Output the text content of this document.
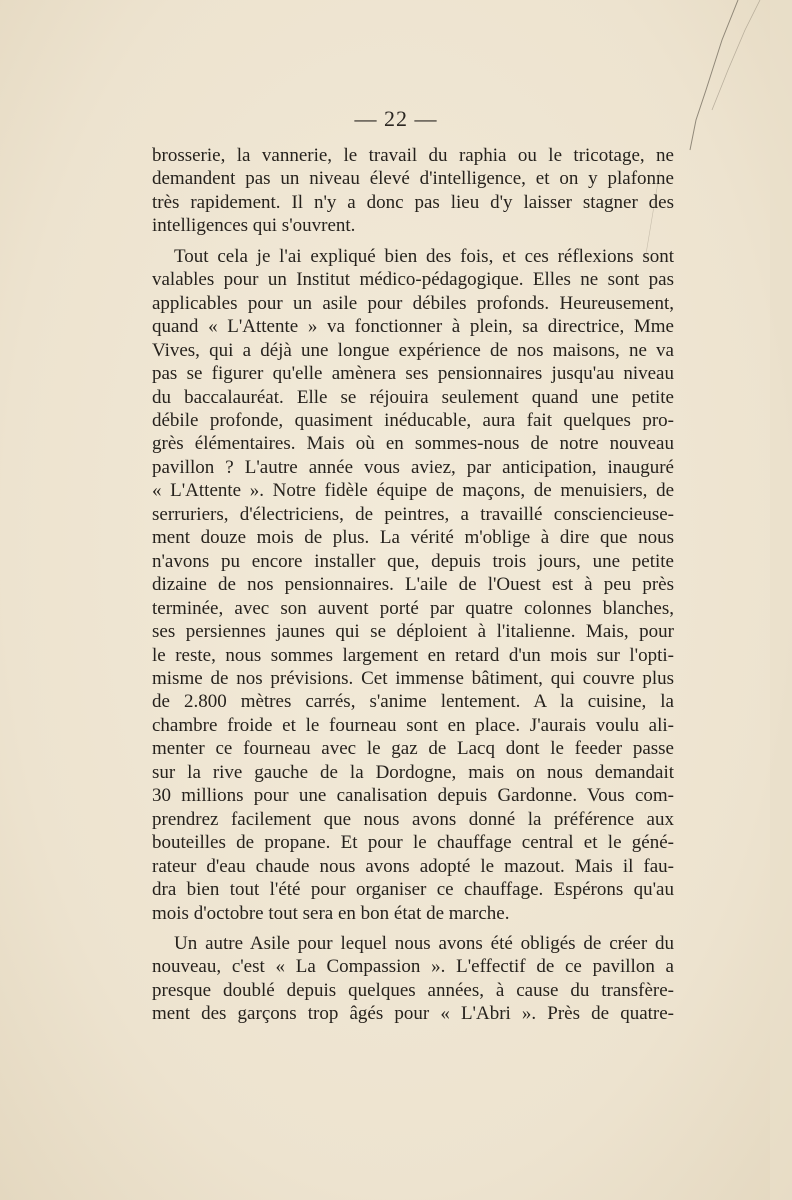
— 22 —

brosserie, la vannerie, le travail du raphia ou le tricotage, ne
demandent pas un niveau élevé d'intelligence, et on y plafonne
très rapidement. Il n'y a donc pas lieu d'y laisser stagner des
intelligences qui s'ouvrent.

Tout cela je l'ai expliqué bien des fois, et ces réflexions sont
valables pour un Institut médico-pédagogique. Elles ne sont pas
applicables pour un asile pour débiles profonds. Heureusement,
quand « L'Attente » va fonctionner à plein, sa directrice, Mme
Vives, qui a déjà une longue expérience de nos maisons, ne va
pas se figurer qu'elle amènera ses pensionnaires jusqu'au niveau
du baccalauréat. Elle se réjouira seulement quand une petite
débile profonde, quasiment inéducable, aura fait quelques pro-
grès élémentaires. Mais où en sommes-nous de notre nouveau
pavillon ? L'autre année vous aviez, par anticipation, inauguré
« L'Attente ». Notre fidèle équipe de maçons, de menuisiers, de
serruriers, d'électriciens, de peintres, a travaillé consciencieuse-
ment douze mois de plus. La vérité m'oblige à dire que nous
n'avons pu encore installer que, depuis trois jours, une petite
dizaine de nos pensionnaires. L'aile de l'Ouest est à peu près
terminée, avec son auvent porté par quatre colonnes blanches,
ses persiennes jaunes qui se déploient à l'italienne. Mais, pour
le reste, nous sommes largement en retard d'un mois sur l'opti-
misme de nos prévisions. Cet immense bâtiment, qui couvre plus
de 2.800 mètres carrés, s'anime lentement. A la cuisine, la
chambre froide et le fourneau sont en place. J'aurais voulu ali-
menter ce fourneau avec le gaz de Lacq dont le feeder passe
sur la rive gauche de la Dordogne, mais on nous demandait
30 millions pour une canalisation depuis Gardonne. Vous com-
prendrez facilement que nous avons donné la préférence aux
bouteilles de propane. Et pour le chauffage central et le géné-
rateur d'eau chaude nous avons adopté le mazout. Mais il fau-
dra bien tout l'été pour organiser ce chauffage. Espérons qu'au
mois d'octobre tout sera en bon état de marche.

Un autre Asile pour lequel nous avons été obligés de créer du
nouveau, c'est « La Compassion ». L'effectif de ce pavillon a
presque doublé depuis quelques années, à cause du transfère-
ment des garçons trop âgés pour « L'Abri ». Près de quatre-
